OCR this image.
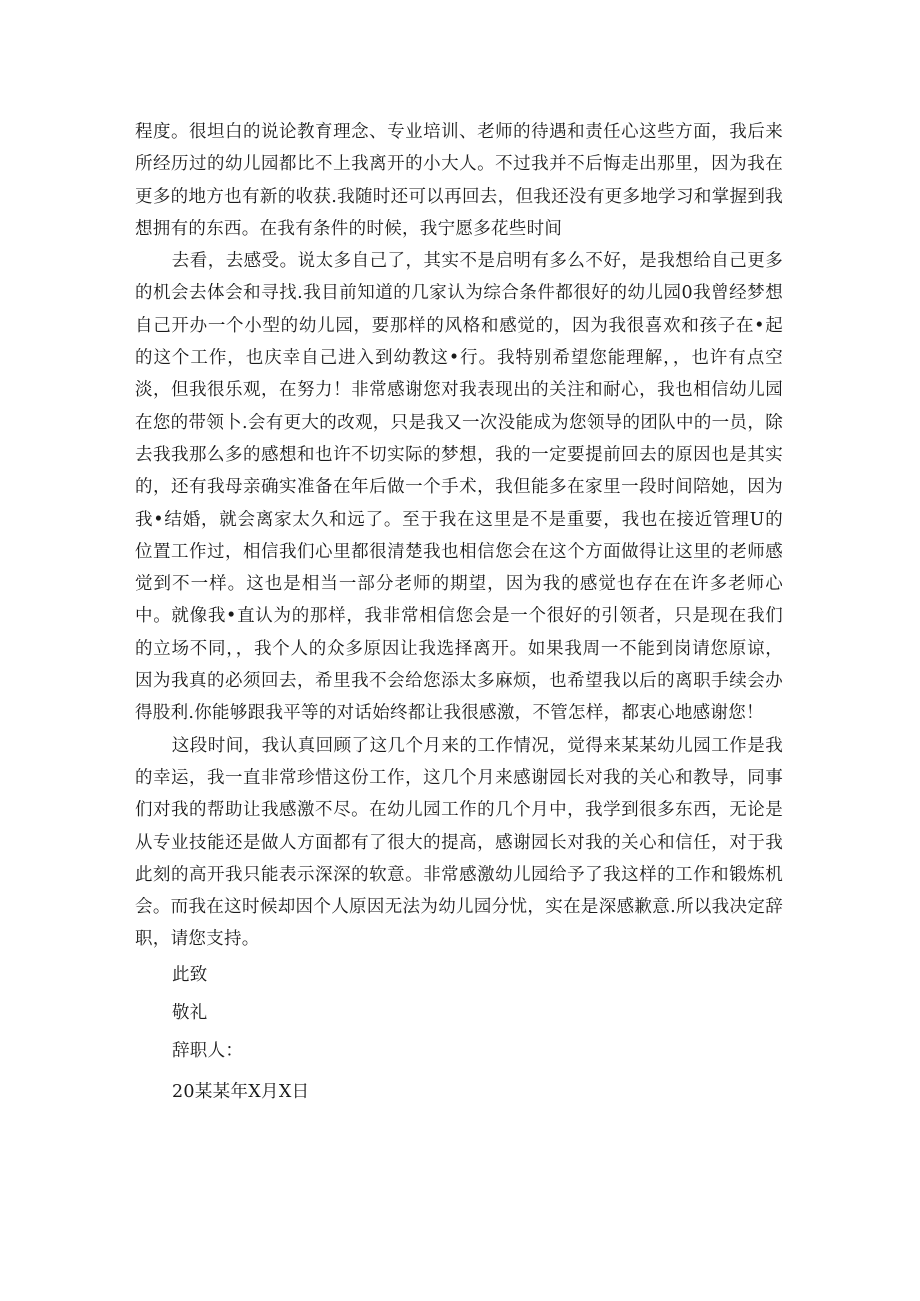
程度。很坦白的说论教育理念、专业培训、老师的待遇和责任心这些方面，我后来所经历过的幼儿园都比不上我离开的小大人。不过我并不后悔走出那里，因为我在更多的地方也有新的收获.我随时还可以再回去，但我还没有更多地学习和掌握到我想拥有的东西。在我有条件的时候，我宁愿多花些时间

去看，去感受。说太多自己了，其实不是启明有多么不好，是我想给自己更多的机会去体会和寻找.我目前知道的几家认为综合条件都很好的幼儿园0我曾经梦想自己开办一个小型的幼儿园，要那样的风格和感觉的，因为我很喜欢和孩子在•起的这个工作，也庆幸自己进入到幼教这•行。我特别希望您能理解，，也许有点空淡，但我很乐观，在努力！非常感谢您对我表现出的关注和耐心，我也相信幼儿园在您的带领卜.会有更大的改观，只是我又一次没能成为您领导的团队中的一员，除去我我那么多的感想和也许不切实际的梦想，我的一定要提前回去的原因也是其实的，还有我母亲确实准备在年后做一个手术，我但能多在家里一段时间陪她，因为我•结婚，就会离家太久和远了。至于我在这里是不是重要，我也在接近管理U的位置工作过，相信我们心里都很清楚我也相信您会在这个方面做得让这里的老师感觉到不一样。这也是相当一部分老师的期望，因为我的感觉也存在在许多老师心中。就像我•直认为的那样，我非常相信您会是一个很好的引领者，只是现在我们的立场不同，，我个人的众多原因让我选择离开。如果我周一不能到岗请您原谅，因为我真的必须回去，希里我不会给您添太多麻烦，也希望我以后的离职手续会办得股利.你能够跟我平等的对话始终都让我很感激，不管怎样，都衷心地感谢您！

这段时间，我认真回顾了这几个月来的工作情况，觉得来某某幼儿园工作是我的幸运，我一直非常珍惜这份工作，这几个月来感谢园长对我的关心和教导，同事们对我的帮助让我感激不尽。在幼儿园工作的几个月中，我学到很多东西，无论是从专业技能还是做人方面都有了很大的提高，感谢园长对我的关心和信任，对于我此刻的高开我只能表示深深的软意。非常感激幼儿园给予了我这样的工作和锻炼机会。而我在这时候却因个人原因无法为幼儿园分忧，实在是深感歉意.所以我决定辞职，请您支持。

此致

敬礼

辞职人：

20某某年X月X日
